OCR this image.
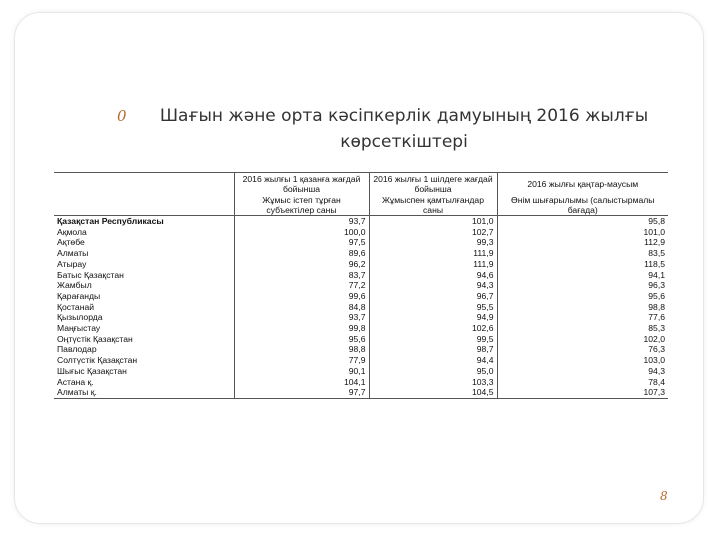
0	Шағын және орта кәсіпкерлік дамуының 2016 жылғы
көрсеткіштері
	2016 жылғы 1 қазанға жағдай бойынша	2016 жылғы 1 шілдеге жағдай бойынша	2016 жылғы қаңтар-маусым
	Жұмыс істеп тұрған субъектілер саны	Жұмыспен қамтылғандар саны	Өнім шығарылымы (салыстырмалы бағада)
Қазақстан Республикасы	93,7	101,0	95,8
Ақмола	100,0	102,7	101,0
Ақтөбе	97,5	99,3	112,9
Алматы	89,6	111,9	83,5
Атырау	96,2	111,9	118,5
Батыс Қазақстан	83,7	94,6	94,1
Жамбыл	77,2	94,3	96,3
Қарағанды	99,6	96,7	95,6
Қостанай	84,8	95,5	98,8
Қызылорда	93,7	94,9	77,6
Маңғыстау	99,8	102,6	85,3
Оңтүстік Қазақстан	95,6	99,5	102,0
Павлодар	98,8	98,7	76,3
Солтүстік Қазақстан	77,9	94,4	103,0
Шығыс Қазақстан	90,1	95,0	94,3
Астана қ.	104,1	103,3	78,4
Алматы қ.	97,7	104,5	107,3
8
